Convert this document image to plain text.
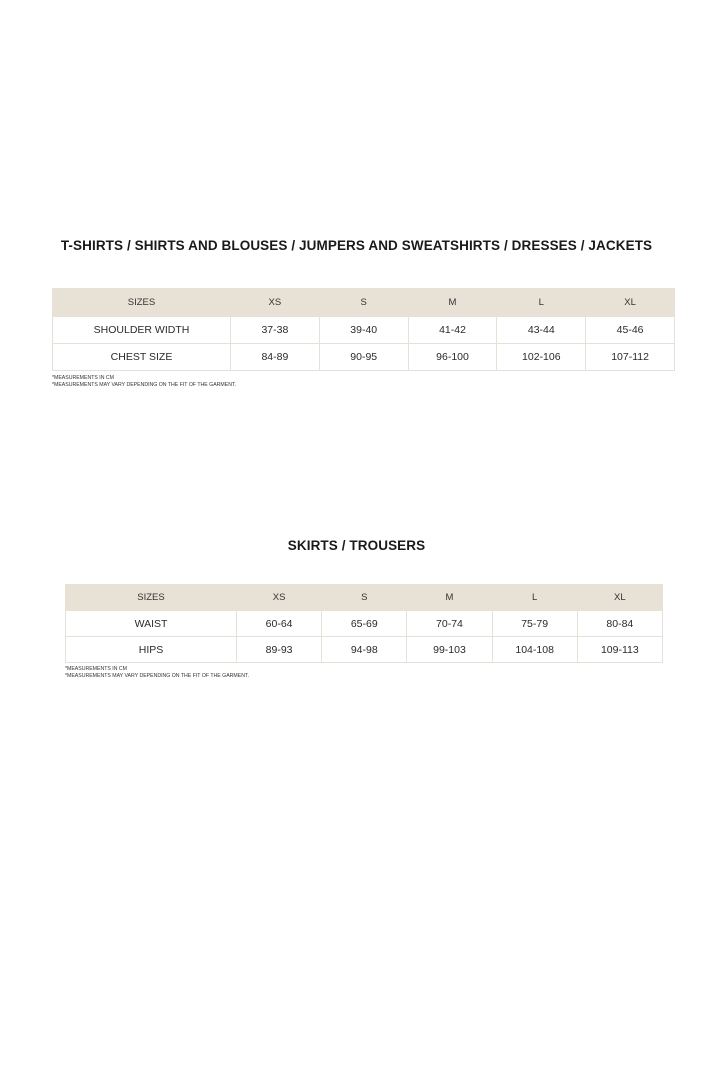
T-SHIRTS / SHIRTS AND BLOUSES / JUMPERS AND SWEATSHIRTS / DRESSES / JACKETS
SIZES	XS	S	M	L	XL
SHOULDER WIDTH	37-38	39-40	41-42	43-44	45-46
CHEST SIZE	84-89	90-95	96-100	102-106	107-112
*MEASUREMENTS IN CM
*MEASUREMENTS MAY VARY DEPENDING ON THE FIT OF THE GARMENT.
SKIRTS / TROUSERS
SIZES	XS	S	M	L	XL
WAIST	60-64	65-69	70-74	75-79	80-84
HIPS	89-93	94-98	99-103	104-108	109-113
*MEASUREMENTS IN CM
*MEASUREMENTS MAY VARY DEPENDING ON THE FIT OF THE GARMENT.
